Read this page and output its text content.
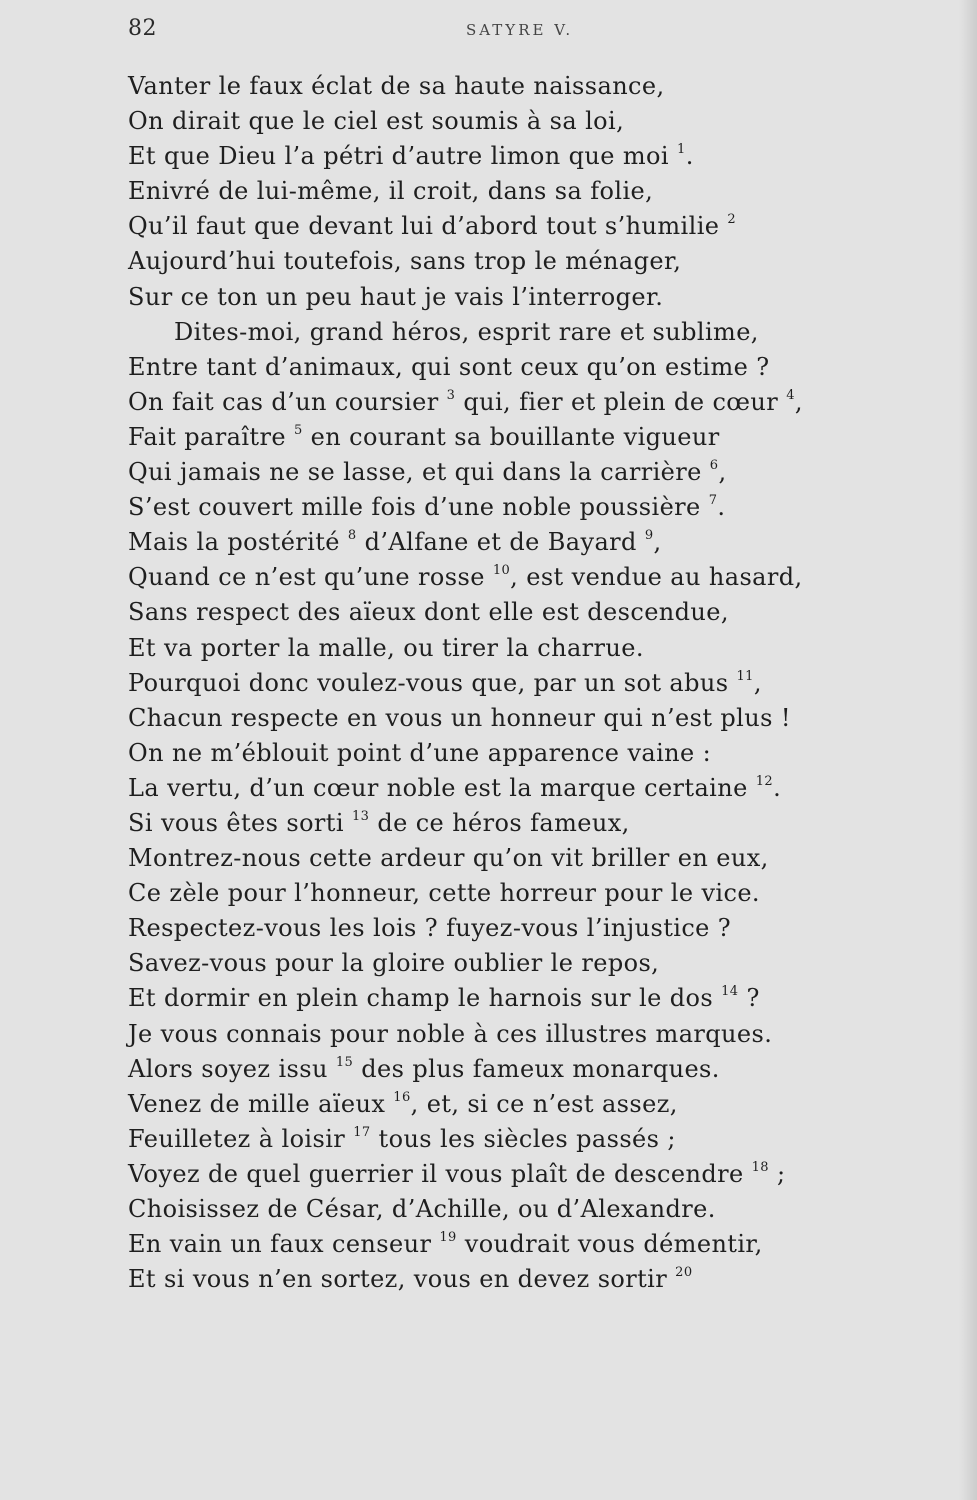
82	SATYRE V.
Vanter le faux éclat de sa haute naissance,
On dirait que le ciel est soumis à sa loi,
Et que Dieu l’a pétri d’autre limon que moi $^1$.
Enivré de lui-même, il croit, dans sa folie,
Qu’il faut que devant lui d’abord tout s’humilie $^2$
Aujourd’hui toutefois, sans trop le ménager,
Sur ce ton un peu haut je vais l’interroger.
Dites-moi, grand héros, esprit rare et sublime,
Entre tant d’animaux, qui sont ceux qu’on estime ?
On fait cas d’un coursier $^3$ qui, fier et plein de cœur $^4$,
Fait paraître $^5$ en courant sa bouillante vigueur
Qui jamais ne se lasse, et qui dans la carrière $^6$,
S’est couvert mille fois d’une noble poussière $^7$.
Mais la postérité $^8$ d’Alfane et de Bayard $^9$,
Quand ce n’est qu’une rosse $^{10}$, est vendue au hasard,
Sans respect des aïeux dont elle est descendue,
Et va porter la malle, ou tirer la charrue.
Pourquoi donc voulez-vous que, par un sot abus $^{11}$,
Chacun respecte en vous un honneur qui n’est plus !
On ne m’éblouit point d’une apparence vaine :
La vertu, d’un cœur noble est la marque certaine $^{12}$.
Si vous êtes sorti $^{13}$ de ce héros fameux,
Montrez-nous cette ardeur qu’on vit briller en eux,
Ce zèle pour l’honneur, cette horreur pour le vice.
Respectez-vous les lois ? fuyez-vous l’injustice ?
Savez-vous pour la gloire oublier le repos,
Et dormir en plein champ le harnois sur le dos $^{14}$ ?
Je vous connais pour noble à ces illustres marques.
Alors soyez issu $^{15}$ des plus fameux monarques.
Venez de mille aïeux $^{16}$, et, si ce n’est assez,
Feuilletez à loisir $^{17}$ tous les siècles passés ;
Voyez de quel guerrier il vous plaît de descendre $^{18}$ ;
Choisissez de César, d’Achille, ou d’Alexandre.
En vain un faux censeur $^{19}$ voudrait vous démentir,
Et si vous n’en sortez, vous en devez sortir $^{20}$
